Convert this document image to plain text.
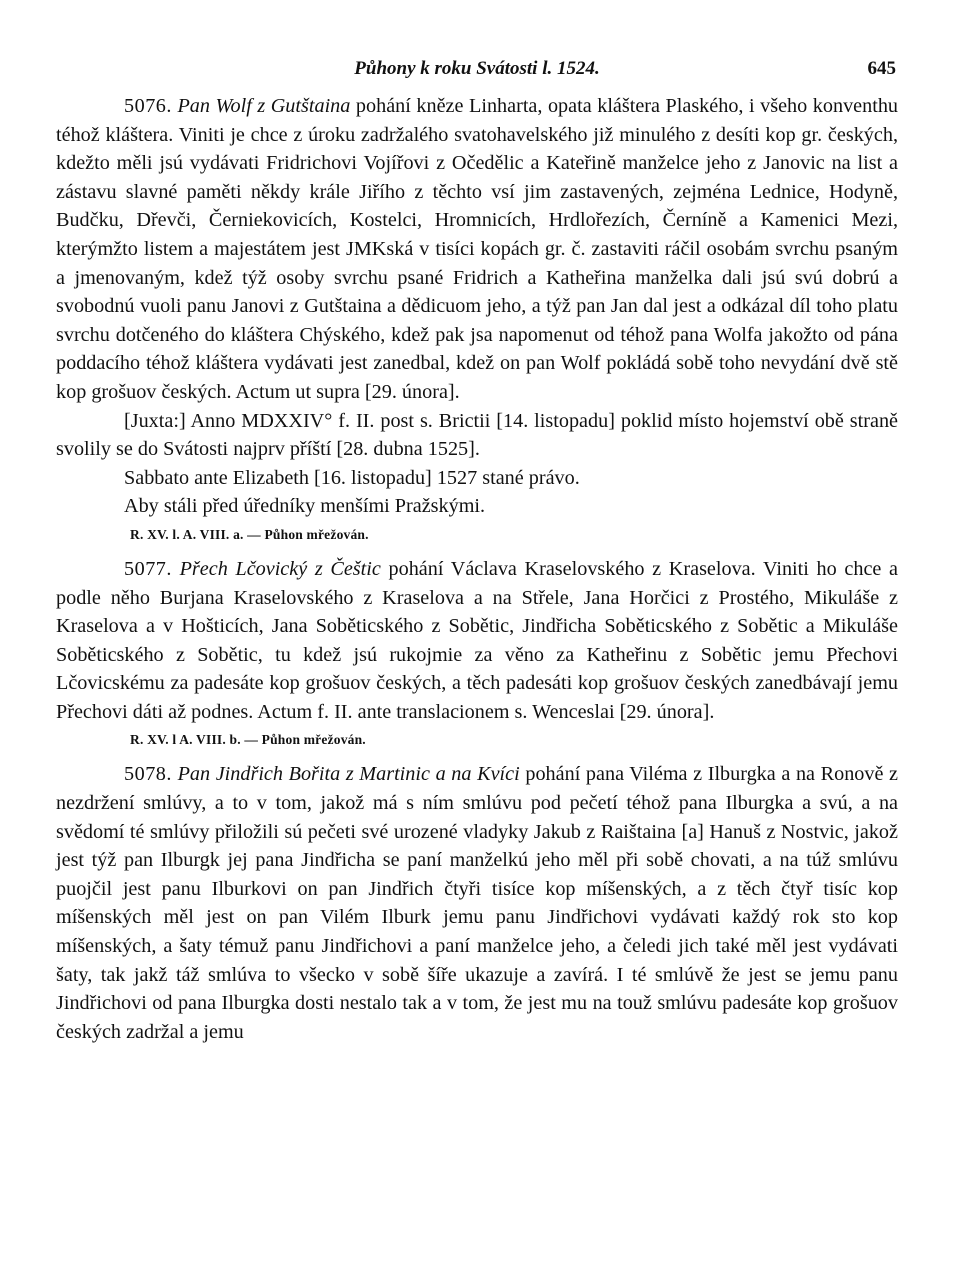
Půhony k roku Svátosti l. 1524.	645

5076. Pan Wolf z Gutštaina pohání kněze Linharta, opata kláštera Plaského, i všeho konventhu téhož kláštera. Viniti je chce z úroku zadržalého svatohavelského již minulého z desíti kop gr. českých, kdežto měli jsú vydávati Fridrichovi Vojířovi z Očedělic a Kateřině manželce jeho z Janovic na list a zástavu slavné paměti někdy krále Jiřího z těchto vsí jim zastavených, zejména Lednice, Hodyně, Budčku, Dřevči, Černiekovicích, Kostelci, Hromnicích, Hrdlořezích, Černíně a Kamenici Mezi, kterýmžto listem a majestátem jest JMKská v tisíci kopách gr. č. zastaviti ráčil osobám svrchu psaným a jmenovaným, kdež týž osoby svrchu psané Fridrich a Katheřina manželka dali jsú svú dobrú a svobodnú vuoli panu Janovi z Gutštaina a dědicuom jeho, a týž pan Jan dal jest a odkázal díl toho platu svrchu dotčeného do kláštera Chýského, kdež pak jsa napomenut od téhož pana Wolfa jakožto od pána poddacího téhož kláštera vydávati jest zanedbal, kdež on pan Wolf pokládá sobě toho nevydání dvě stě kop grošuov českých. Actum ut supra [29. února].

[Juxta:] Anno MDXXIV° f. II. post s. Brictii [14. listopadu] poklid místo hojemství obě straně svolily se do Svátosti najprv příští [28. dubna 1525].

Sabbato ante Elizabeth [16. listopadu] 1527 stané právo.

Aby stáli před úředníky menšími Pražskými.

R. XV. l. A. VIII. a. — Půhon mřežován.

5077. Přech Lčovický z Češtic pohání Václava Kraselovského z Kraselova. Viniti ho chce a podle něho Burjana Kraselovského z Kraselova a na Střele, Jana Horčici z Prostého, Mikuláše z Kraselova a v Hošticích, Jana Soběticského z Sobětic, Jindřicha Soběticského z Sobětic a Mikuláše Soběticského z Sobětic, tu kdež jsú rukojmie za věno za Katheřinu z Sobětic jemu Přechovi Lčovicskému za padesáte kop grošuov českých, a těch padesáti kop grošuov českých zanedbávají jemu Přechovi dáti až podnes. Actum f. II. ante translacionem s. Wenceslai [29. února].

R. XV. l A. VIII. b. — Půhon mřežován.

5078. Pan Jindřich Bořita z Martinic a na Kvíci pohání pana Viléma z Ilburgka a na Ronově z nezdržení smlúvy, a to v tom, jakož má s ním smlúvu pod pečetí téhož pana Ilburgka a svú, a na svědomí té smlúvy přiložili sú pečeti své urozené vladyky Jakub z Raištaina [a] Hanuš z Nostvic, jakož jest týž pan Ilburgk jej pana Jindřicha se paní manželkú jeho měl při sobě chovati, a na túž smlúvu puojčil jest panu Ilburkovi on pan Jindřich čtyři tisíce kop míšenských, a z těch čtyř tisíc kop míšenských měl jest on pan Vilém Ilburk jemu panu Jindřichovi vydávati každý rok sto kop míšenských, a šaty témuž panu Jindřichovi a paní manželce jeho, a čeledi jich také měl jest vydávati šaty, tak jakž táž smlúva to všecko v sobě šíře ukazuje a zavírá. I té smlúvě že jest se jemu panu Jindřichovi od pana Ilburgka dosti nestalo tak a v tom, že jest mu na touž smlúvu padesáte kop grošuov českých zadržal a jemu
